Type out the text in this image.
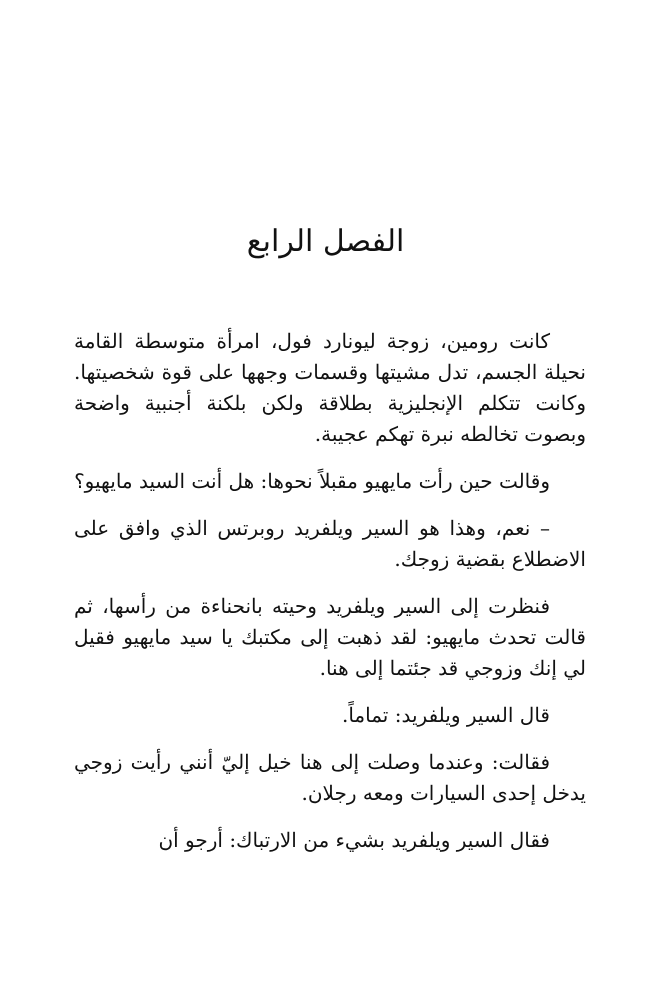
الفصل الرابع

كانت رومين، زوجة ليونارد فول، امرأة متوسطة القامة نحيلة الجسم، تدل مشيتها وقسمات وجهها على قوة شخصيتها. وكانت تتكلم الإنجليزية بطلاقة ولكن بلكنة أجنبية واضحة وبصوت تخالطه نبرة تهكم عجيبة.

وقالت حين رأت مايهيو مقبلاً نحوها: هل أنت السيد مايهيو؟

– نعم، وهذا هو السير ويلفريد روبرتس الذي وافق على الاضطلاع بقضية زوجك.

فنظرت إلى السير ويلفريد وحيته بانحناءة من رأسها، ثم قالت تحدث مايهيو: لقد ذهبت إلى مكتبك يا سيد مايهيو فقيل لي إنك وزوجي قد جئتما إلى هنا.

قال السير ويلفريد: تماماً.

فقالت: وعندما وصلت إلى هنا خيل إليّ أنني رأيت زوجي يدخل إحدى السيارات ومعه رجلان.

فقال السير ويلفريد بشيء من الارتباك: أرجو أن
